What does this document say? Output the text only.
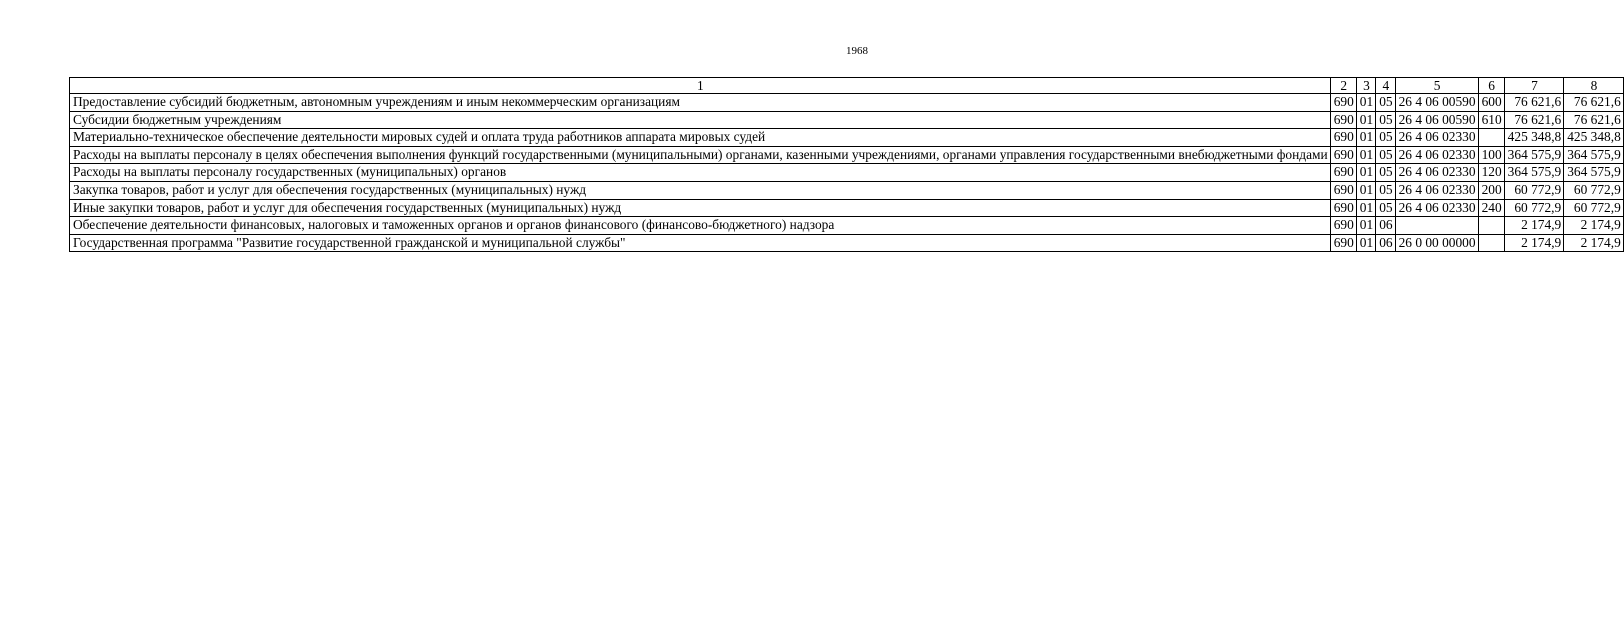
1968
1	2	3	4	5	6	7	8
Предоставление субсидий бюджетным, автономным учреждениям и иным некоммерческим организациям	690	01	05	26 4 06 00590	600	76 621,6	76 621,6
Субсидии бюджетным учреждениям	690	01	05	26 4 06 00590	610	76 621,6	76 621,6
Материально-техническое обеспечение деятельности мировых судей и оплата труда работников аппарата мировых судей	690	01	05	26 4 06 02330		425 348,8	425 348,8
Расходы на выплаты персоналу в целях обеспечения выполнения функций государственными (муниципальными) органами, казенными учреждениями, органами управления государственными внебюджетными фондами	690	01	05	26 4 06 02330	100	364 575,9	364 575,9
Расходы на выплаты персоналу государственных (муниципальных) органов	690	01	05	26 4 06 02330	120	364 575,9	364 575,9
Закупка товаров, работ и услуг для обеспечения государственных (муниципальных) нужд	690	01	05	26 4 06 02330	200	60 772,9	60 772,9
Иные закупки товаров, работ и услуг для обеспечения государственных (муниципальных) нужд	690	01	05	26 4 06 02330	240	60 772,9	60 772,9
Обеспечение деятельности финансовых, налоговых и таможенных органов и органов финансового (финансово-бюджетного) надзора	690	01	06			2 174,9	2 174,9
Государственная программа "Развитие государственной гражданской и муниципальной службы"	690	01	06	26 0 00 00000		2 174,9	2 174,9
